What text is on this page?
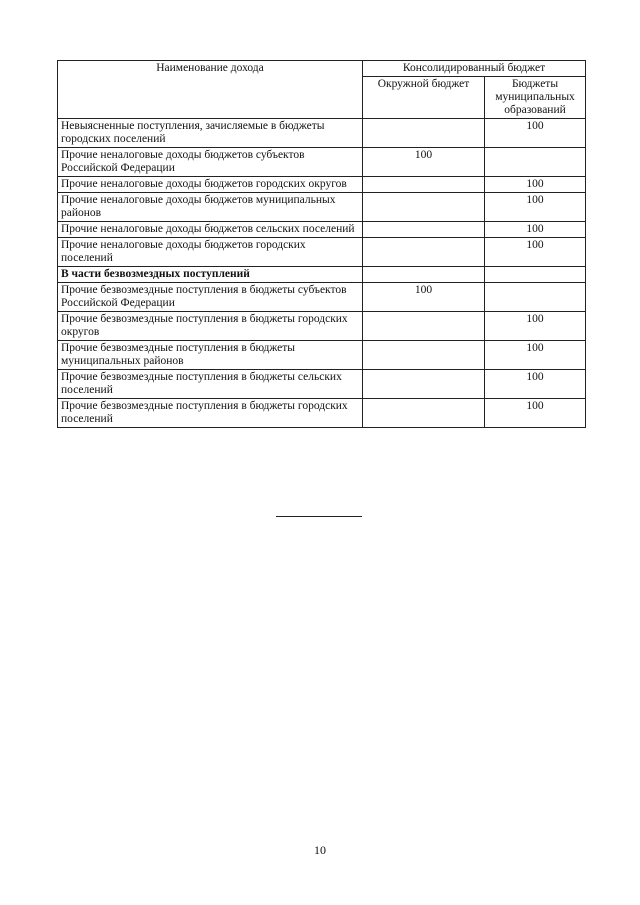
Наименование дохода	Консолидированный бюджет	
	Окружной бюджет	Бюджеты муниципальных образований
Невыясненные поступления, зачисляемые в бюджеты городских поселений		100
Прочие неналоговые доходы бюджетов субъектов Российской Федерации	100	
Прочие неналоговые доходы бюджетов городских округов		100
Прочие неналоговые доходы бюджетов муниципальных районов		100
Прочие неналоговые доходы бюджетов сельских поселений		100
Прочие неналоговые доходы бюджетов городских поселений		100
В части безвозмездных поступлений		
Прочие безвозмездные поступления в бюджеты субъектов Российской Федерации	100	
Прочие безвозмездные поступления в бюджеты городских округов		100
Прочие безвозмездные поступления в бюджеты муниципальных районов		100
Прочие безвозмездные поступления в бюджеты сельских поселений		100
Прочие безвозмездные поступления в бюджеты городских поселений		100
10
